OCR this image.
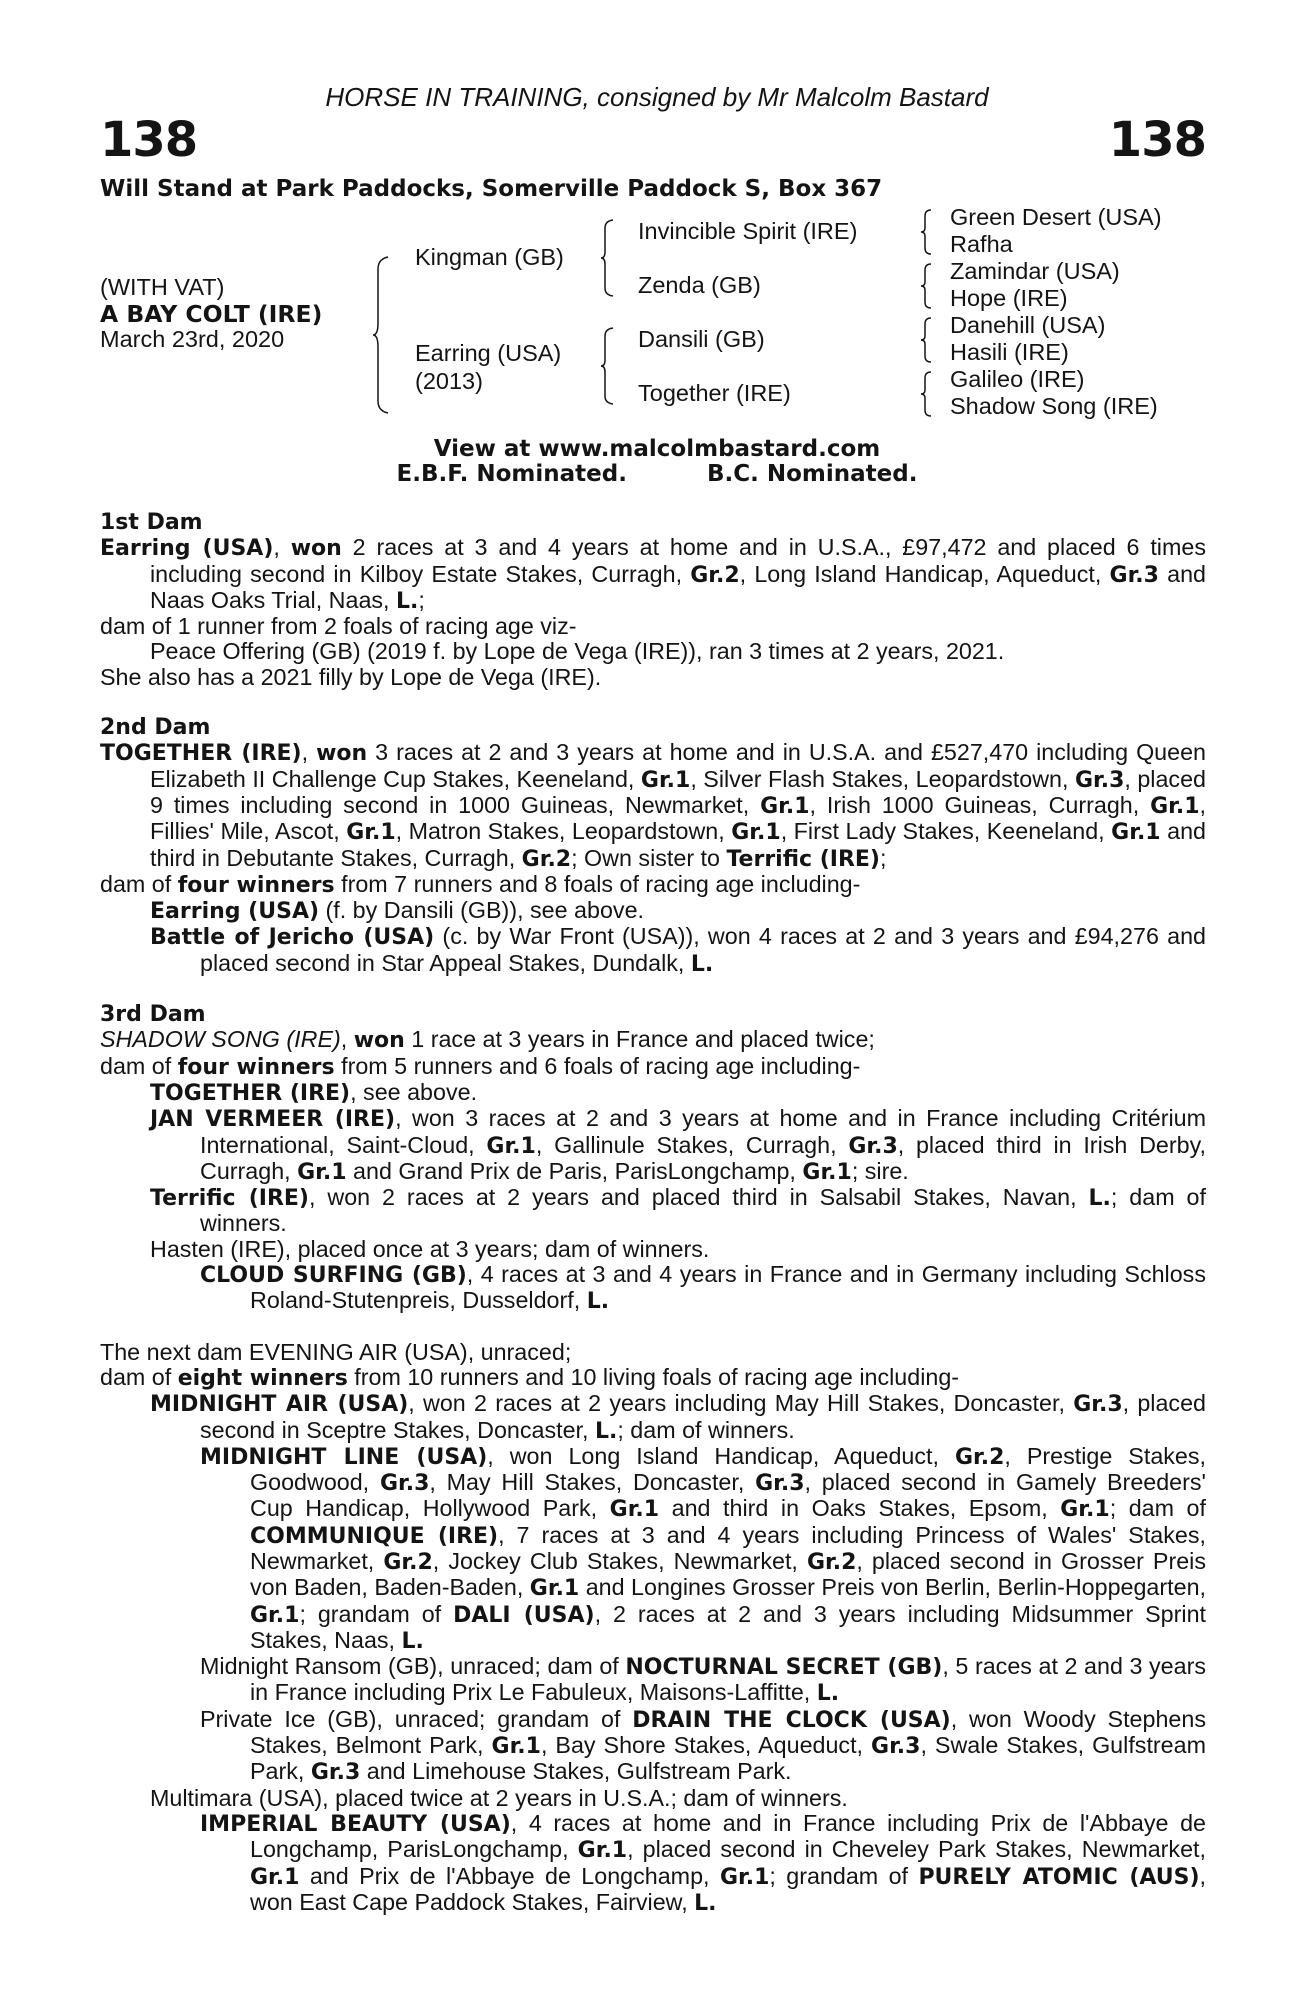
HORSE IN TRAINING, consigned by Mr Malcolm Bastard
138	138
Will Stand at Park Paddocks, Somerville Paddock S, Box 367
(WITH VAT)
A BAY COLT (IRE)
March 23rd, 2020
Kingman (GB)
Earring (USA)
(2013)
Invincible Spirit (IRE)
Zenda (GB)
Dansili (GB)
Together (IRE)
Green Desert (USA)
Rafha
Zamindar (USA)
Hope (IRE)
Danehill (USA)
Hasili (IRE)
Galileo (IRE)
Shadow Song (IRE)
View at www.malcolmbastard.com
E.B.F. Nominated.	B.C. Nominated.
1st Dam
Earring (USA), won 2 races at 3 and 4 years at home and in U.S.A., £97,472 and placed 6 times including second in Kilboy Estate Stakes, Curragh, Gr.2, Long Island Handicap, Aqueduct, Gr.3 and Naas Oaks Trial, Naas, L.;
dam of 1 runner from 2 foals of racing age viz-
Peace Offering (GB) (2019 f. by Lope de Vega (IRE)), ran 3 times at 2 years, 2021.
She also has a 2021 filly by Lope de Vega (IRE).
2nd Dam
TOGETHER (IRE), won 3 races at 2 and 3 years at home and in U.S.A. and £527,470 including Queen Elizabeth II Challenge Cup Stakes, Keeneland, Gr.1, Silver Flash Stakes, Leopardstown, Gr.3, placed 9 times including second in 1000 Guineas, Newmarket, Gr.1, Irish 1000 Guineas, Curragh, Gr.1, Fillies' Mile, Ascot, Gr.1, Matron Stakes, Leopardstown, Gr.1, First Lady Stakes, Keeneland, Gr.1 and third in Debutante Stakes, Curragh, Gr.2; Own sister to Terrific (IRE);
dam of four winners from 7 runners and 8 foals of racing age including-
Earring (USA) (f. by Dansili (GB)), see above.
Battle of Jericho (USA) (c. by War Front (USA)), won 4 races at 2 and 3 years and £94,276 and placed second in Star Appeal Stakes, Dundalk, L.
3rd Dam
SHADOW SONG (IRE), won 1 race at 3 years in France and placed twice;
dam of four winners from 5 runners and 6 foals of racing age including-
TOGETHER (IRE), see above.
JAN VERMEER (IRE), won 3 races at 2 and 3 years at home and in France including Critérium International, Saint-Cloud, Gr.1, Gallinule Stakes, Curragh, Gr.3, placed third in Irish Derby, Curragh, Gr.1 and Grand Prix de Paris, ParisLongchamp, Gr.1; sire.
Terrific (IRE), won 2 races at 2 years and placed third in Salsabil Stakes, Navan, L.; dam of winners.
Hasten (IRE), placed once at 3 years; dam of winners.
CLOUD SURFING (GB), 4 races at 3 and 4 years in France and in Germany including Schloss Roland-Stutenpreis, Dusseldorf, L.
The next dam EVENING AIR (USA), unraced;
dam of eight winners from 10 runners and 10 living foals of racing age including-
MIDNIGHT AIR (USA), won 2 races at 2 years including May Hill Stakes, Doncaster, Gr.3, placed second in Sceptre Stakes, Doncaster, L.; dam of winners.
MIDNIGHT LINE (USA), won Long Island Handicap, Aqueduct, Gr.2, Prestige Stakes, Goodwood, Gr.3, May Hill Stakes, Doncaster, Gr.3, placed second in Gamely Breeders' Cup Handicap, Hollywood Park, Gr.1 and third in Oaks Stakes, Epsom, Gr.1; dam of COMMUNIQUE (IRE), 7 races at 3 and 4 years including Princess of Wales' Stakes, Newmarket, Gr.2, Jockey Club Stakes, Newmarket, Gr.2, placed second in Grosser Preis von Baden, Baden-Baden, Gr.1 and Longines Grosser Preis von Berlin, Berlin-Hoppegarten, Gr.1; grandam of DALI (USA), 2 races at 2 and 3 years including Midsummer Sprint Stakes, Naas, L.
Midnight Ransom (GB), unraced; dam of NOCTURNAL SECRET (GB), 5 races at 2 and 3 years in France including Prix Le Fabuleux, Maisons-Laffitte, L.
Private Ice (GB), unraced; grandam of DRAIN THE CLOCK (USA), won Woody Stephens Stakes, Belmont Park, Gr.1, Bay Shore Stakes, Aqueduct, Gr.3, Swale Stakes, Gulfstream Park, Gr.3 and Limehouse Stakes, Gulfstream Park.
Multimara (USA), placed twice at 2 years in U.S.A.; dam of winners.
IMPERIAL BEAUTY (USA), 4 races at home and in France including Prix de l'Abbaye de Longchamp, ParisLongchamp, Gr.1, placed second in Cheveley Park Stakes, Newmarket, Gr.1 and Prix de l'Abbaye de Longchamp, Gr.1; grandam of PURELY ATOMIC (AUS), won East Cape Paddock Stakes, Fairview, L.
